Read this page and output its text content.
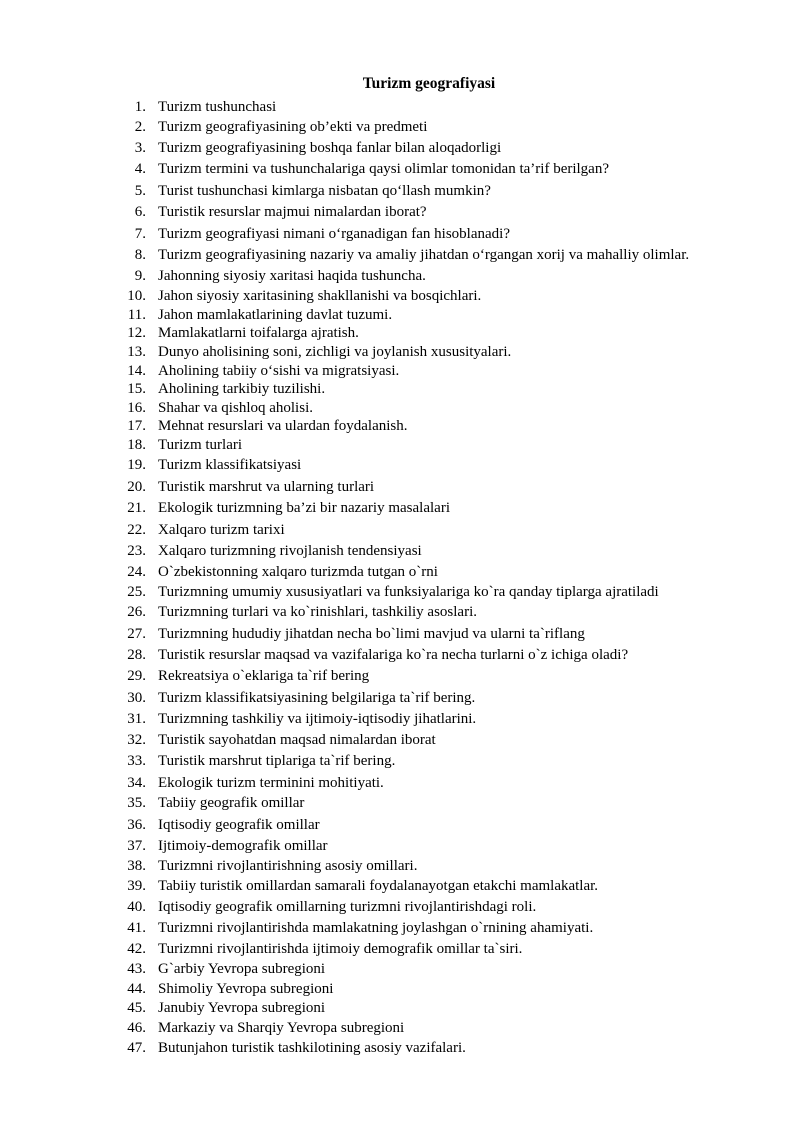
Turizm geografiyasi
1. Turizm tushunchasi
2. Turizm geografiyasining ob’ekti va predmeti
3. Turizm geografiyasining boshqa fanlar bilan aloqadorligi
4. Turizm termini va tushunchalariga qaysi olimlar tomonidan ta’rif berilgan?
5. Turist tushunchasi kimlarga nisbatan qo‘llash mumkin?
6. Turistik resurslar majmui nimalardan iborat?
7. Turizm geografiyasi nimani o‘rganadigan fan hisoblanadi?
8. Turizm geografiyasining nazariy va amaliy jihatdan o‘rgangan xorij va mahalliy olimlar.
9. Jahonning siyosiy xaritasi haqida tushuncha.
10. Jahon siyosiy xaritasining shakllanishi va bosqichlari.
11. Jahon mamlakatlarining davlat tuzumi.
12. Mamlakatlarni toifalarga ajratish.
13. Dunyo aholisining soni, zichligi va joylanish xususityalari.
14. Aholining tabiiy o‘sishi va migratsiyasi.
15. Aholining tarkibiy tuzilishi.
16. Shahar va qishloq aholisi.
17. Mehnat resurslari va ulardan foydalanish.
18. Turizm turlari
19. Turizm klassifikatsiyasi
20. Turistik marshrut va ularning turlari
21. Ekologik turizmning ba’zi bir nazariy masalalari
22. Xalqaro turizm tarixi
23. Xalqaro turizmning rivojlanish tendensiyasi
24. O`zbekistonning xalqaro turizmda tutgan o`rni
25. Turizmning umumiy xususiyatlari va funksiyalariga ko`ra qanday tiplarga ajratiladi
26. Turizmning turlari va ko`rinishlari, tashkiliy asoslari.
27. Turizmning hududiy jihatdan necha bo`limi mavjud va ularni ta`riflang
28. Turistik resurslar maqsad va vazifalariga ko`ra necha turlarni o`z ichiga oladi?
29. Rekreatsiya o`eklariga ta`rif bering
30. Turizm klassifikatsiyasining belgilariga ta`rif bering.
31. Turizmning tashkiliy va ijtimoiy-iqtisodiy jihatlarini.
32. Turistik sayohatdan maqsad nimalardan iborat
33. Turistik marshrut tiplariga ta`rif bering.
34. Ekologik turizm terminini mohitiyati.
35. Tabiiy geografik omillar
36. Iqtisodiy geografik omillar
37. Ijtimoiy-demografik omillar
38. Turizmni rivojlantirishning asosiy omillari.
39. Tabiiy turistik omillardan samarali foydalanayotgan etakchi mamlakatlar.
40. Iqtisodiy geografik omillarning turizmni rivojlantirishdagi roli.
41. Turizmni rivojlantirishda mamlakatning joylashgan o`rnining ahamiyati.
42. Turizmni rivojlantirishda ijtimoiy demografik omillar ta`siri.
43. G`arbiy Yevropa subregioni
44. Shimoliy Yevropa subregioni
45. Janubiy Yevropa subregioni
46. Markaziy va Sharqiy Yevropa subregioni
47. Butunjahon turistik tashkilotining asosiy vazifalari.
